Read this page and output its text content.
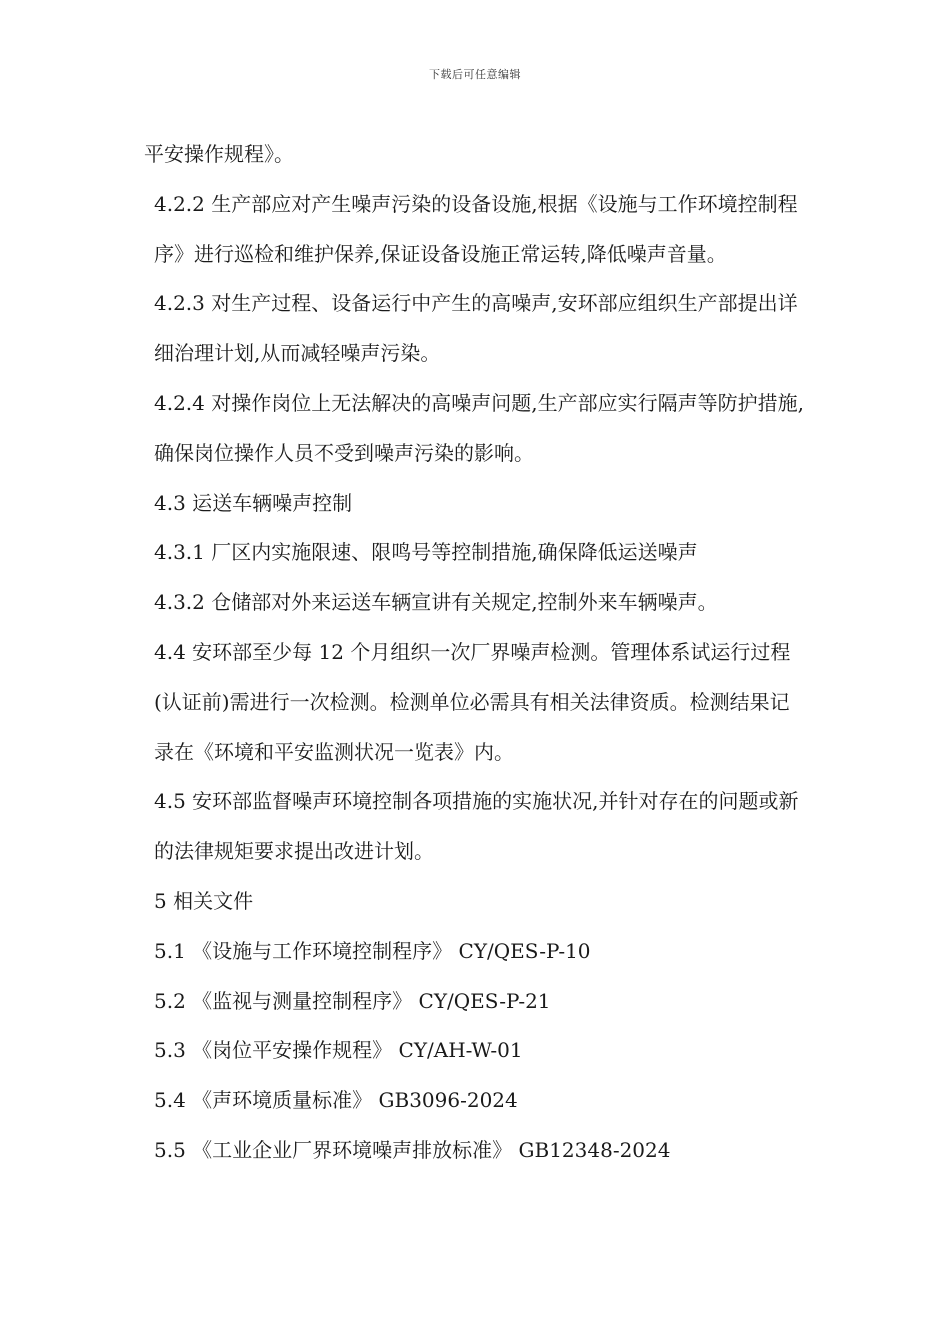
下载后可任意编辑

平安操作规程》。

4.2.2 生产部应对产生噪声污染的设备设施,根据《设施与工作环境控制程序》进行巡检和维护保养,保证设备设施正常运转,降低噪声音量。

4.2.3 对生产过程、设备运行中产生的高噪声,安环部应组织生产部提出详细治理计划,从而减轻噪声污染。

4.2.4 对操作岗位上无法解决的高噪声问题,生产部应实行隔声等防护措施,确保岗位操作人员不受到噪声污染的影响。

4.3 运送车辆噪声控制

4.3.1 厂区内实施限速、限鸣号等控制措施,确保降低运送噪声

4.3.2 仓储部对外来运送车辆宣讲有关规定,控制外来车辆噪声。

4.4 安环部至少每 12 个月组织一次厂界噪声检测。管理体系试运行过程(认证前)需进行一次检测。检测单位必需具有相关法律资质。检测结果记录在《环境和平安监测状况一览表》内。

4.5 安环部监督噪声环境控制各项措施的实施状况,并针对存在的问题或新的法律规矩要求提出改进计划。

5 相关文件

5.1 《设施与工作环境控制程序》 CY/QES-P-10

5.2 《监视与测量控制程序》 CY/QES-P-21

5.3 《岗位平安操作规程》 CY/AH-W-01

5.4 《声环境质量标准》 GB3096-2024

5.5 《工业企业厂界环境噪声排放标准》 GB12348-2024
